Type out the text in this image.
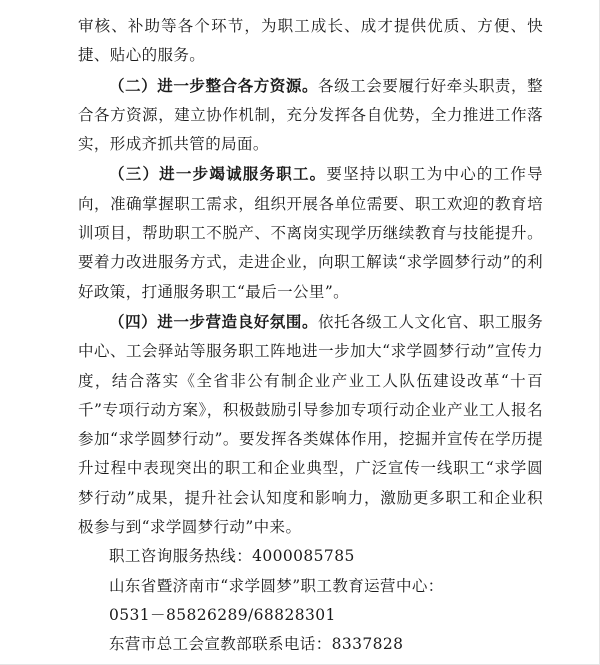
审核、补助等各个环节，为职工成长、成才提供优质、方便、快捷、贴心的服务。

（二）进一步整合各方资源。各级工会要履行好牵头职责，整合各方资源，建立协作机制，充分发挥各自优势，全力推进工作落实，形成齐抓共管的局面。

（三）进一步竭诚服务职工。要坚持以职工为中心的工作导向，准确掌握职工需求，组织开展各单位需要、职工欢迎的教育培训项目，帮助职工不脱产、不离岗实现学历继续教育与技能提升。要着力改进服务方式，走进企业，向职工解读“求学圆梦行动”的利好政策，打通服务职工“最后一公里”。

（四）进一步营造良好氛围。依托各级工人文化官、职工服务中心、工会驿站等服务职工阵地进一步加大“求学圆梦行动”宣传力度，结合落实《全省非公有制企业产业工人队伍建设改革“十百千”专项行动方案》，积极鼓励引导参加专项行动企业产业工人报名参加“求学圆梦行动”。要发挥各类媒体作用，挖掘并宣传在学历提升过程中表现突出的职工和企业典型，广泛宣传一线职工“求学圆梦行动”成果，提升社会认知度和影响力，激励更多职工和企业积极参与到“求学圆梦行动”中来。

职工咨询服务热线：4000085785

山东省暨济南市“求学圆梦”职工教育运营中心：

0531－85826289/68828301

东营市总工会宣教部联系电话：8337828
